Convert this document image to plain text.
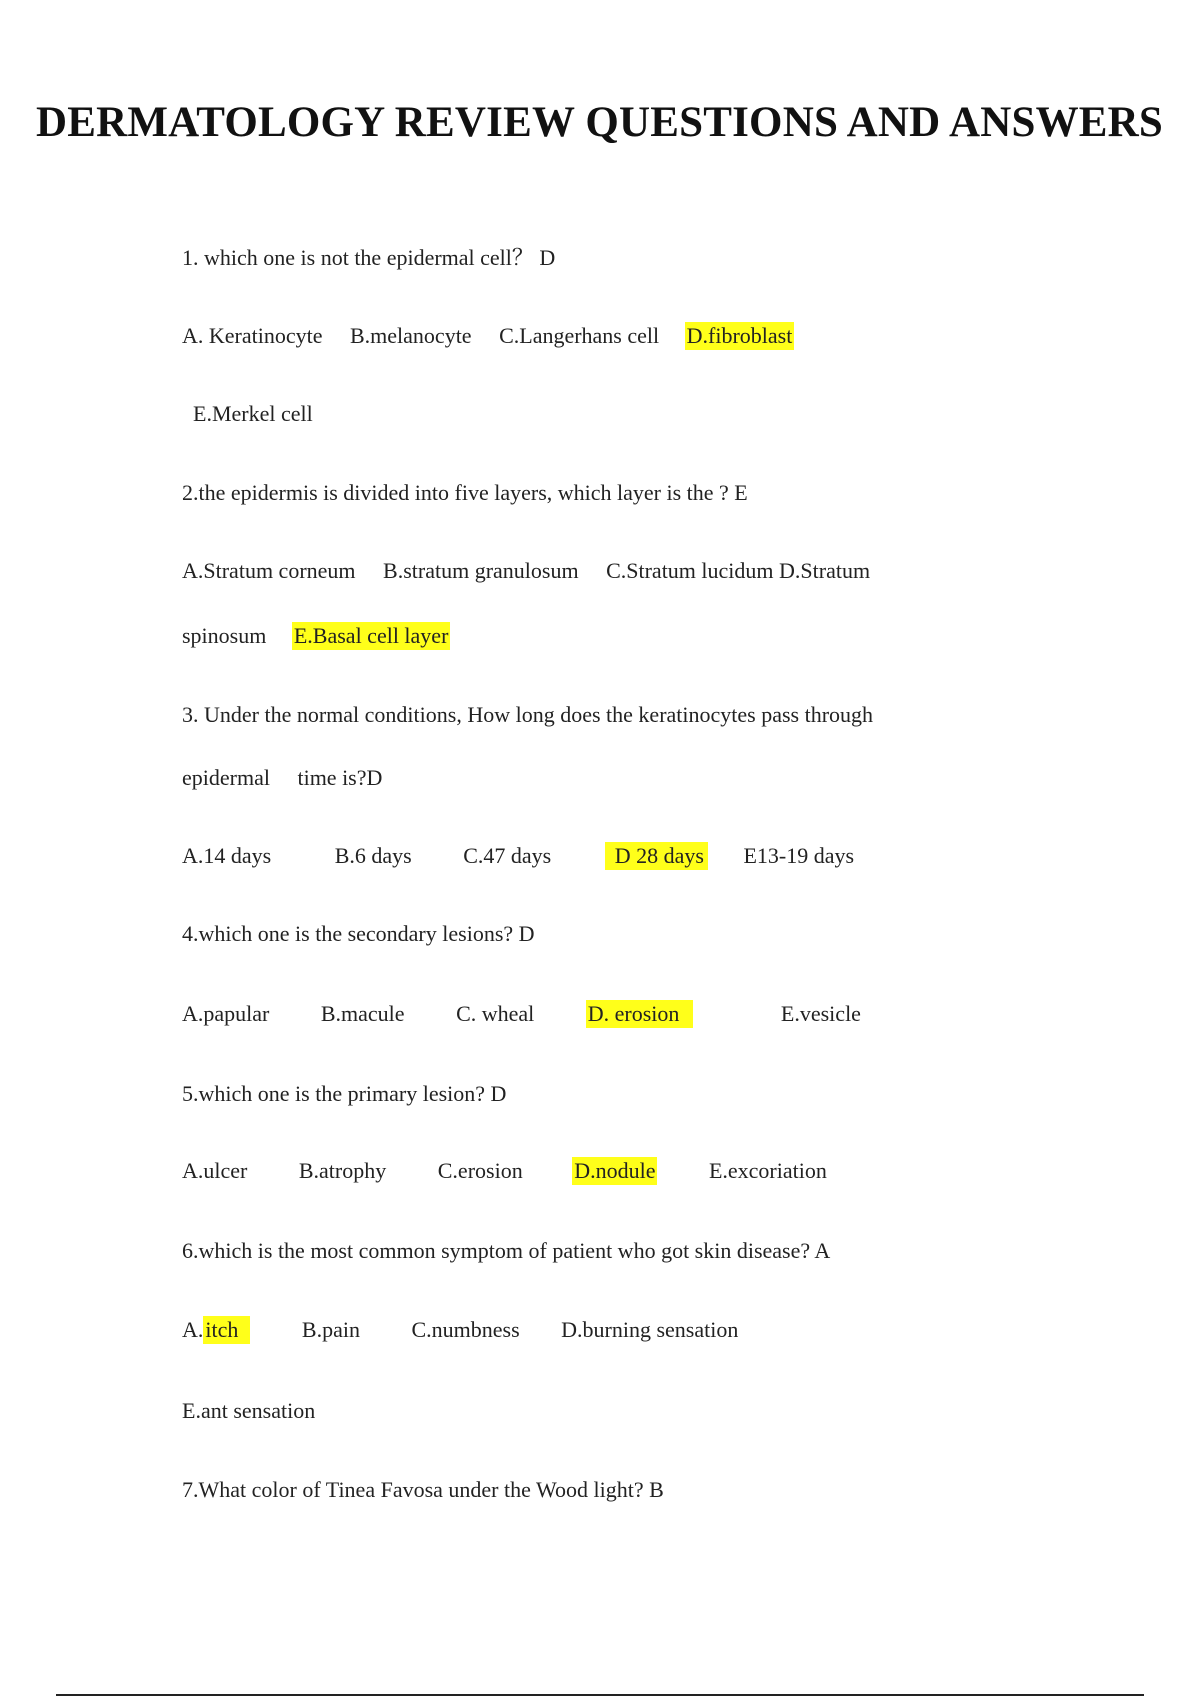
DERMATOLOGY REVIEW QUESTIONS AND ANSWERS

1. which one is not the epidermal cell？ D

A. Keratinocyte B.melanocyte C.Langerhans cell D.fibroblast

E.Merkel cell

2.the epidermis is divided into five layers, which layer is the ? E

A.Stratum corneum B.stratum granulosum C.Stratum lucidum D.Stratum

spinosum E.Basal cell layer

3. Under the normal conditions, How long does the keratinocytes pass through

epidermal time is?D

A.14 days	B.6 days C.47 days	D 28 days E13-19 days

4.which one is the secondary lesions? D

A.papular B.macule C. wheal D. erosion	E.vesicle

5.which one is the primary lesion? D

A.ulcer B.atrophy C.erosion D.nodule E.excoriation

6.which is the most common symptom of patient who got skin disease? A

A.itch	B.pain C.numbness D.burning sensation

E.ant sensation

7.What color of Tinea Favosa under the Wood light? B
